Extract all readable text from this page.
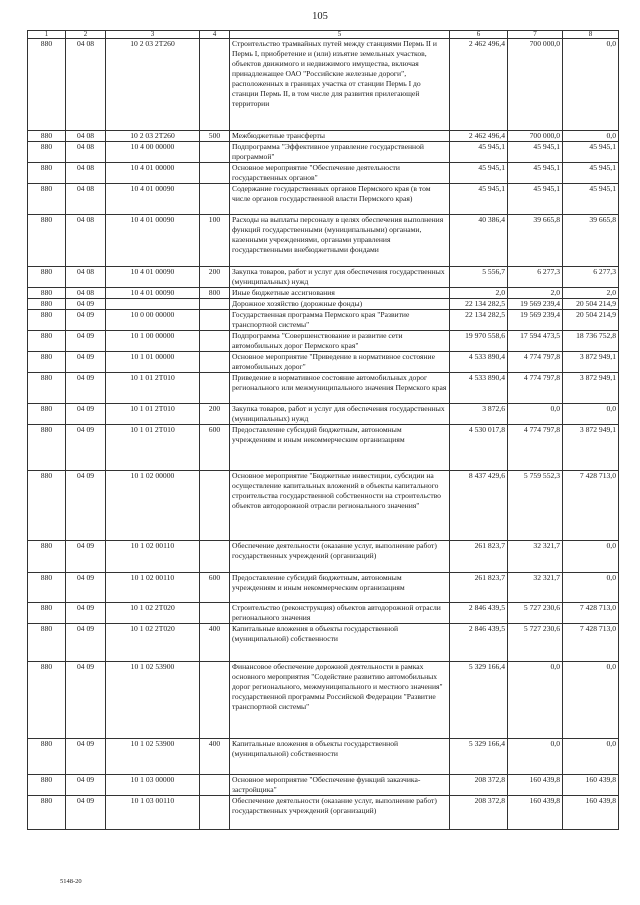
105
1	2	3	4	5	6	7	8
880	04 08	10 2 03 2Т260		Строительство трамвайных путей между станциями Пермь II и Пермь I, приобретение и (или) изъятие земельных участков, объектов движимого и недвижимого имущества, включая принадлежащее ОАО "Российские железные дороги", расположенных в границах участка от станции Пермь I до станции Пермь II, в том числе для развития прилегающей территории	2 462 496,4	700 000,0	0,0
880	04 08	10 2 03 2Т260	500	Межбюджетные трансферты	2 462 496,4	700 000,0	0,0
880	04 08	10 4 00 00000		Подпрограмма "Эффективное управление государственной программой"	45 945,1	45 945,1	45 945,1
880	04 08	10 4 01 00000		Основное мероприятие "Обеспечение деятельности государственных органов"	45 945,1	45 945,1	45 945,1
880	04 08	10 4 01 00090		Содержание государственных органов Пермского края (в том числе органов государственной власти Пермского края)	45 945,1	45 945,1	45 945,1
880	04 08	10 4 01 00090	100	Расходы на выплаты персоналу в целях обеспечения выполнения функций государственными (муниципальными) органами, казенными учреждениями, органами управления государственными внебюджетными фондами	40 386,4	39 665,8	39 665,8
880	04 08	10 4 01 00090	200	Закупка товаров, работ и услуг для обеспечения государственных (муниципальных) нужд	5 556,7	6 277,3	6 277,3
880	04 08	10 4 01 00090	800	Иные бюджетные ассигнования	2,0	2,0	2,0
880	04 09			Дорожное хозяйство (дорожные фонды)	22 134 282,5	19 569 239,4	20 504 214,9
880	04 09	10 0 00 00000		Государственная программа Пермского края "Развитие транспортной системы"	22 134 282,5	19 569 239,4	20 504 214,9
880	04 09	10 1 00 00000		Подпрограмма "Совершенствование и развитие сети автомобильных дорог Пермского края"	19 970 558,6	17 594 473,5	18 736 752,8
880	04 09	10 1 01 00000		Основное мероприятие "Приведение в нормативное состояние автомобильных дорог"	4 533 890,4	4 774 797,8	3 872 949,1
880	04 09	10 1 01 2Т010		Приведение в нормативное состояние автомобильных дорог регионального или межмуниципального значения Пермского края	4 533 890,4	4 774 797,8	3 872 949,1
880	04 09	10 1 01 2Т010	200	Закупка товаров, работ и услуг для обеспечения государственных (муниципальных) нужд	3 872,6	0,0	0,0
880	04 09	10 1 01 2Т010	600	Предоставление субсидий бюджетным, автономным учреждениям и иным некоммерческим организациям	4 530 017,8	4 774 797,8	3 872 949,1
880	04 09	10 1 02 00000		Основное мероприятие "Бюджетные инвестиции, субсидии на осуществление капитальных вложений в объекты капитального строительства государственной собственности на строительство объектов автодорожной отрасли регионального значения"	8 437 429,6	5 759 552,3	7 428 713,0
880	04 09	10 1 02 00110		Обеспечение деятельности (оказание услуг, выполнение работ) государственных учреждений (организаций)	261 823,7	32 321,7	0,0
880	04 09	10 1 02 00110	600	Предоставление субсидий бюджетным, автономным учреждениям и иным некоммерческим организациям	261 823,7	32 321,7	0,0
880	04 09	10 1 02 2Т020		Строительство (реконструкция) объектов автодорожной отрасли регионального значения	2 846 439,5	5 727 230,6	7 428 713,0
880	04 09	10 1 02 2Т020	400	Капитальные вложения в объекты государственной (муниципальной) собственности	2 846 439,5	5 727 230,6	7 428 713,0
880	04 09	10 1 02 53900		Финансовое обеспечение дорожной деятельности в рамках основного мероприятия "Содействие развитию автомобильных дорог регионального, межмуниципального и местного значения" государственной программы Российской Федерации "Развитие транспортной системы"	5 329 166,4	0,0	0,0
880	04 09	10 1 02 53900	400	Капитальные вложения в объекты государственной (муниципальной) собственности	5 329 166,4	0,0	0,0
880	04 09	10 1 03 00000		Основное мероприятие "Обеспечение функций заказчика-застройщика"	208 372,8	160 439,8	160 439,8
880	04 09	10 1 03 00110		Обеспечение деятельности (оказание услуг, выполнение работ) государственных учреждений (организаций)	208 372,8	160 439,8	160 439,8
5148-20
